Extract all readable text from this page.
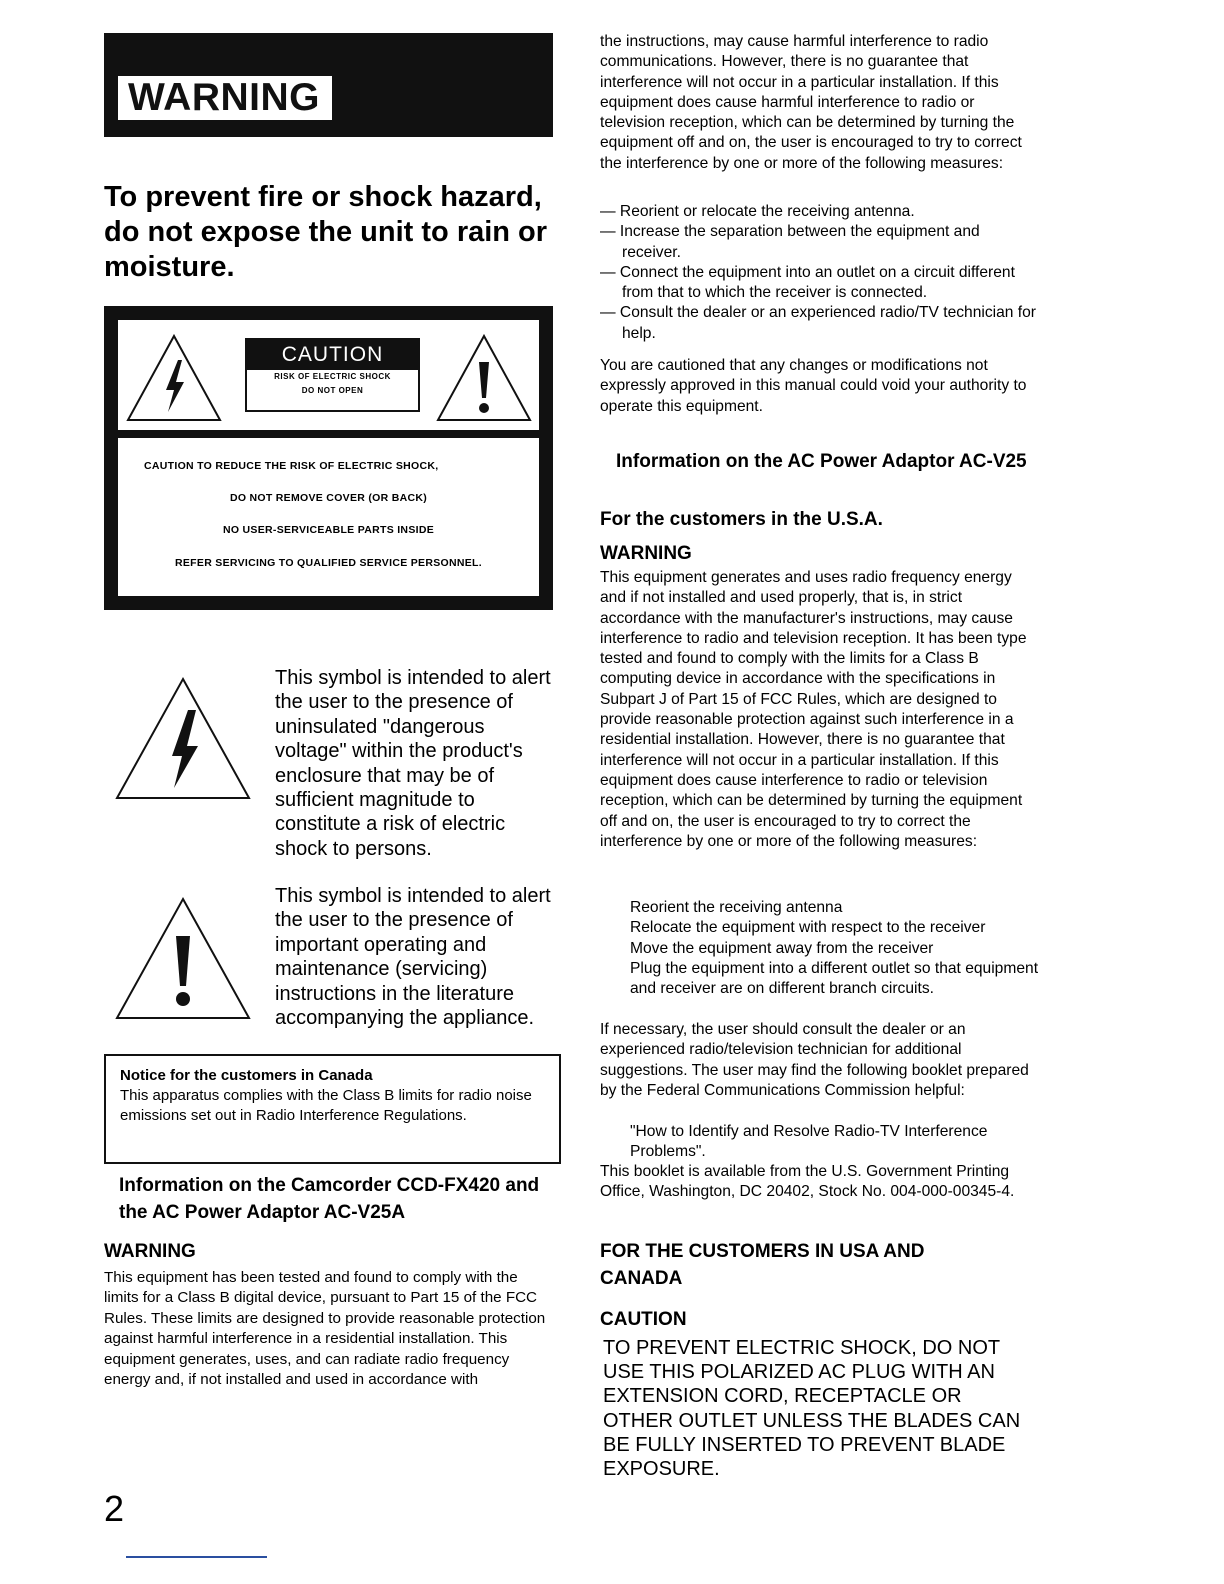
WARNING
To prevent fire or shock hazard, do not expose the unit to rain or moisture.
CAUTION
RISK OF ELECTRIC SHOCK
DO NOT OPEN
CAUTION TO REDUCE THE RISK OF ELECTRIC SHOCK,
DO NOT REMOVE COVER (OR BACK)
NO USER-SERVICEABLE PARTS INSIDE
REFER SERVICING TO QUALIFIED SERVICE PERSONNEL.

This symbol is intended to alert the user to the presence of uninsulated "dangerous voltage" within the product's enclosure that may be of sufficient magnitude to constitute a risk of electric shock to persons.

This symbol is intended to alert the user to the presence of important operating and maintenance (servicing) instructions in the literature accompanying the appliance.

Notice for the customers in Canada
This apparatus complies with the Class B limits for radio noise emissions set out in Radio Interference Regulations.
Information on the Camcorder CCD-FX420 and the AC Power Adaptor AC-V25A
WARNING

This equipment has been tested and found to comply with the limits for a Class B digital device, pursuant to Part 15 of the FCC Rules. These limits are designed to provide reasonable protection against harmful interference in a residential installation. This equipment generates, uses, and can radiate radio frequency energy and, if not installed and used in accordance with

2

the instructions, may cause harmful interference to radio communications. However, there is no guarantee that interference will not occur in a particular installation. If this equipment does cause harmful interference to radio or television reception, which can be determined by turning the equipment off and on, the user is encouraged to try to correct the interference by one or more of the following measures:

— Reorient or relocate the receiving antenna.
— Increase the separation between the equipment and receiver.
— Connect the equipment into an outlet on a circuit different from that to which the receiver is connected.
— Consult the dealer or an experienced radio/TV technician for help.

You are cautioned that any changes or modifications not expressly approved in this manual could void your authority to operate this equipment.

Information on the AC Power Adaptor AC-V25
For the customers in the U.S.A.
WARNING

This equipment generates and uses radio frequency energy and if not installed and used properly, that is, in strict accordance with the manufacturer's instructions, may cause interference to radio and television reception. It has been type tested and found to comply with the limits for a Class B computing device in accordance with the specifications in Subpart J of Part 15 of FCC Rules, which are designed to provide reasonable protection against such interference in a residential installation. However, there is no guarantee that interference will not occur in a particular installation. If this equipment does cause interference to radio or television reception, which can be determined by turning the equipment off and on, the user is encouraged to try to correct the interference by one or more of the following measures:

Reorient the receiving antenna
Relocate the equipment with respect to the receiver
Move the equipment away from the receiver
Plug the equipment into a different outlet so that equipment and receiver are on different branch circuits.

If necessary, the user should consult the dealer or an experienced radio/television technician for additional suggestions. The user may find the following booklet prepared by the Federal Communications Commission helpful:

"How to Identify and Resolve Radio-TV Interference Problems".

This booklet is available from the U.S. Government Printing Office, Washington, DC 20402, Stock No. 004-000-00345-4.

FOR THE CUSTOMERS IN USA AND CANADA
CAUTION

TO PREVENT ELECTRIC SHOCK, DO NOT USE THIS POLARIZED AC PLUG WITH AN EXTENSION CORD, RECEPTACLE OR OTHER OUTLET UNLESS THE BLADES CAN BE FULLY INSERTED TO PREVENT BLADE EXPOSURE.
